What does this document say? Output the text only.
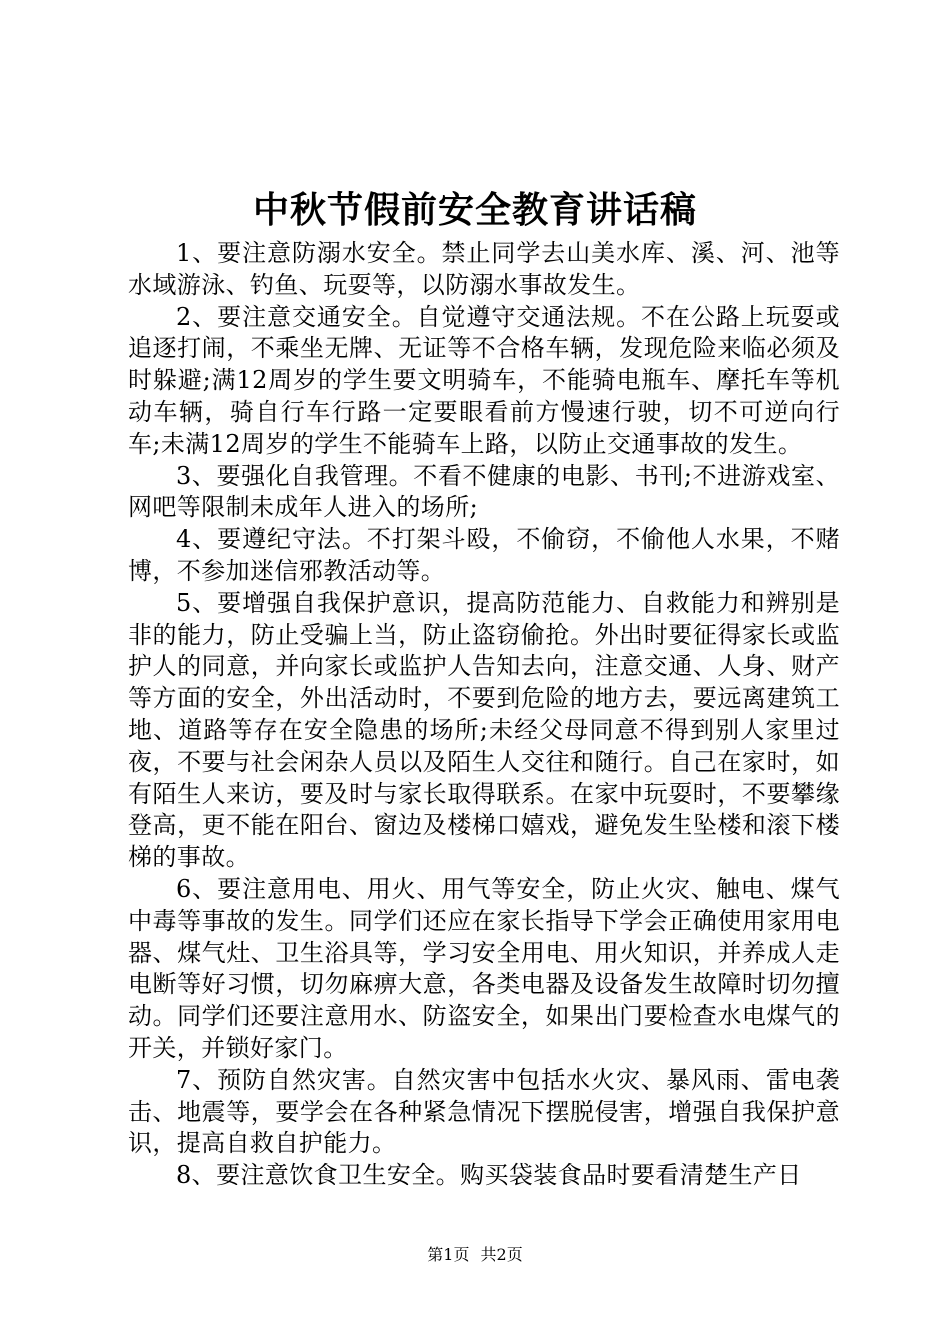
中秋节假前安全教育讲话稿

1、要注意防溺水安全。禁止同学去山美水库、溪、河、池等水域游泳、钓鱼、玩耍等，以防溺水事故发生。

2、要注意交通安全。自觉遵守交通法规。不在公路上玩耍或追逐打闹，不乘坐无牌、无证等不合格车辆，发现危险来临必须及时躲避;满12周岁的学生要文明骑车，不能骑电瓶车、摩托车等机动车辆，骑自行车行路一定要眼看前方慢速行驶，切不可逆向行车;未满12周岁的学生不能骑车上路，以防止交通事故的发生。

3、要强化自我管理。不看不健康的电影、书刊;不进游戏室、网吧等限制未成年人进入的场所;

4、要遵纪守法。不打架斗殴，不偷窃，不偷他人水果，不赌博，不参加迷信邪教活动等。

5、要增强自我保护意识，提高防范能力、自救能力和辨别是非的能力，防止受骗上当，防止盗窃偷抢。外出时要征得家长或监护人的同意，并向家长或监护人告知去向，注意交通、人身、财产等方面的安全，外出活动时，不要到危险的地方去，要远离建筑工地、道路等存在安全隐患的场所;未经父母同意不得到别人家里过夜，不要与社会闲杂人员以及陌生人交往和随行。自己在家时，如有陌生人来访，要及时与家长取得联系。在家中玩耍时，不要攀缘登高，更不能在阳台、窗边及楼梯口嬉戏，避免发生坠楼和滚下楼梯的事故。

6、要注意用电、用火、用气等安全，防止火灾、触电、煤气中毒等事故的发生。同学们还应在家长指导下学会正确使用家用电器、煤气灶、卫生浴具等，学习安全用电、用火知识，并养成人走电断等好习惯，切勿麻痹大意，各类电器及设备发生故障时切勿擅动。同学们还要注意用水、防盗安全，如果出门要检查水电煤气的开关，并锁好家门。

7、预防自然灾害。自然灾害中包括水火灾、暴风雨、雷电袭击、地震等，要学会在各种紧急情况下摆脱侵害，增强自我保护意识，提高自救自护能力。

8、要注意饮食卫生安全。购买袋装食品时要看清楚生产日

第1页 共2页
